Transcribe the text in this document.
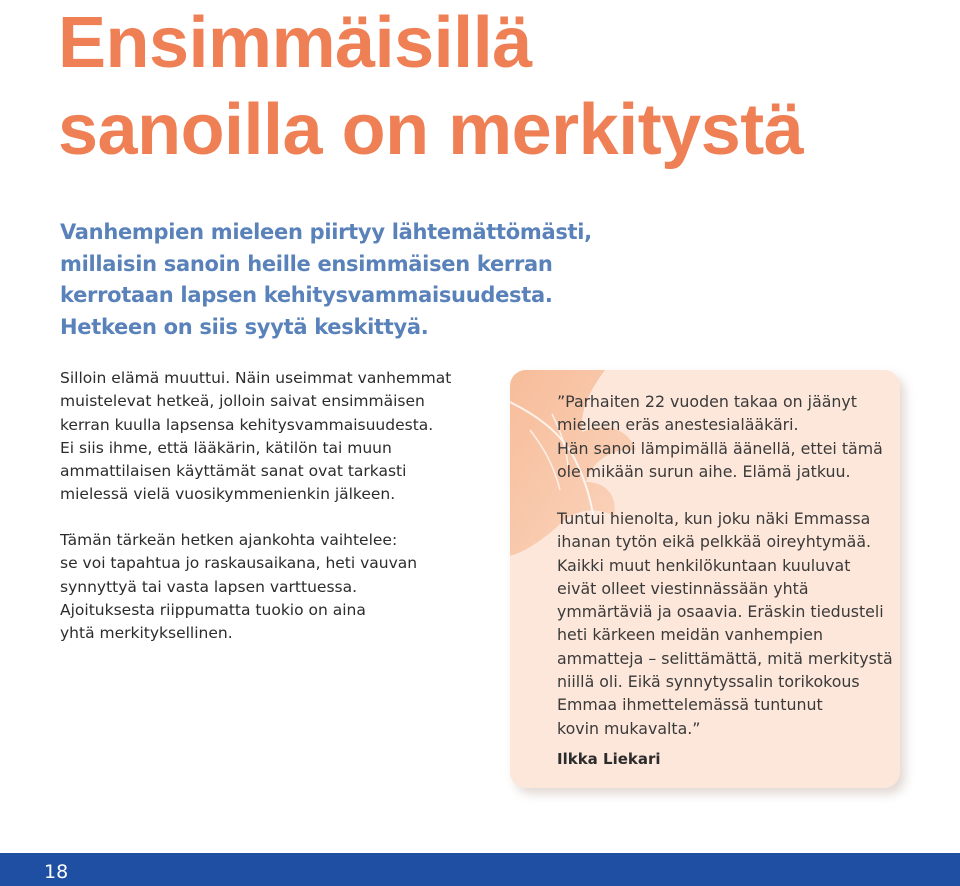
Ensimmäisillä
sanoilla on merkitystä
Vanhempien mieleen piirtyy lähtemättömästi,
millaisin sanoin heille ensimmäisen kerran
kerrotaan lapsen kehitysvammaisuudesta.
Hetkeen on siis syytä keskittyä.
Silloin elämä muuttui. Näin useimmat vanhemmat
muistelevat hetkeä, jolloin saivat ensimmäisen
kerran kuulla lapsensa kehitysvammaisuudesta.
Ei siis ihme, että lääkärin, kätilön tai muun
ammattilaisen käyttämät sanat ovat tarkasti
mielessä vielä vuosikymmenienkin jälkeen.
Tämän tärkeän hetken ajankohta vaihtelee:
se voi tapahtua jo raskausaikana, heti vauvan
synnyttyä tai vasta lapsen varttuessa.
Ajoituksesta riippumatta tuokio on aina
yhtä merkityksellinen.
”Parhaiten 22 vuoden takaa on jäänyt
mieleen eräs anestesialääkäri.
Hän sanoi lämpimällä äänellä, ettei tämä
ole mikään surun aihe. Elämä jatkuu.
Tuntui hienolta, kun joku näki Emmassa
ihanan tytön eikä pelkkää oireyhtymää.
Kaikki muut henkilökuntaan kuuluvat
eivät olleet viestinnässään yhtä
ymmärtäviä ja osaavia. Eräskin tiedusteli
heti kärkeen meidän vanhempien
ammatteja – selittämättä, mitä merkitystä
niillä oli. Eikä synnytyssalin torikokous
Emmaa ihmettelemässä tuntunut
kovin mukavalta.”
Ilkka Liekari
18
